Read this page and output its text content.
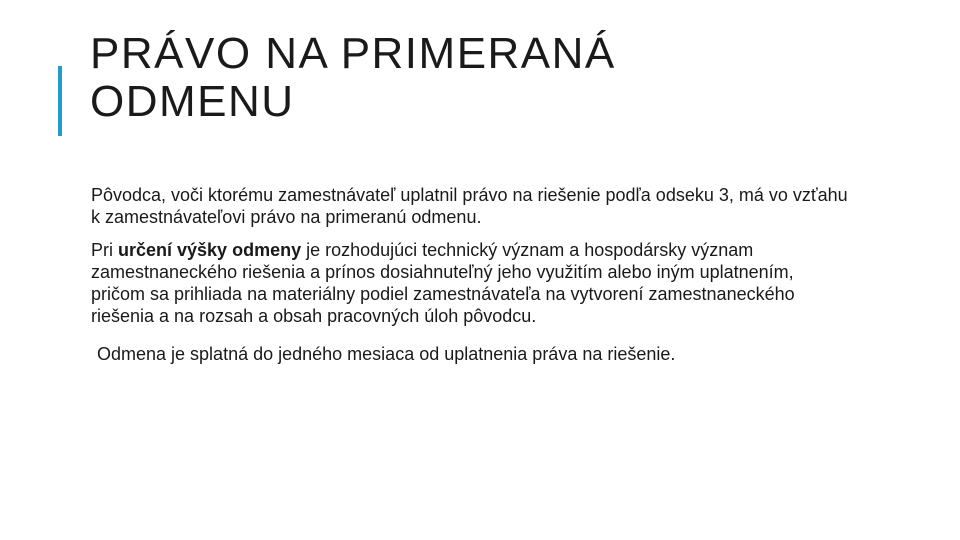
PRÁVO NA PRIMERANÁ
ODMENU

Pôvodca, voči ktorému zamestnávateľ uplatnil právo na riešenie podľa odseku 3, má vo vzťahu k zamestnávateľovi právo na primeranú odmenu.

Pri určení výšky odmeny je rozhodujúci technický význam a hospodársky význam zamestnaneckého riešenia a prínos dosiahnuteľný jeho využitím alebo iným uplatnením, pričom sa prihliada na materiálny podiel zamestnávateľa na vytvorení zamestnaneckého riešenia a na rozsah a obsah pracovných úloh pôvodcu.

Odmena je splatná do jedného mesiaca od uplatnenia práva na riešenie.
